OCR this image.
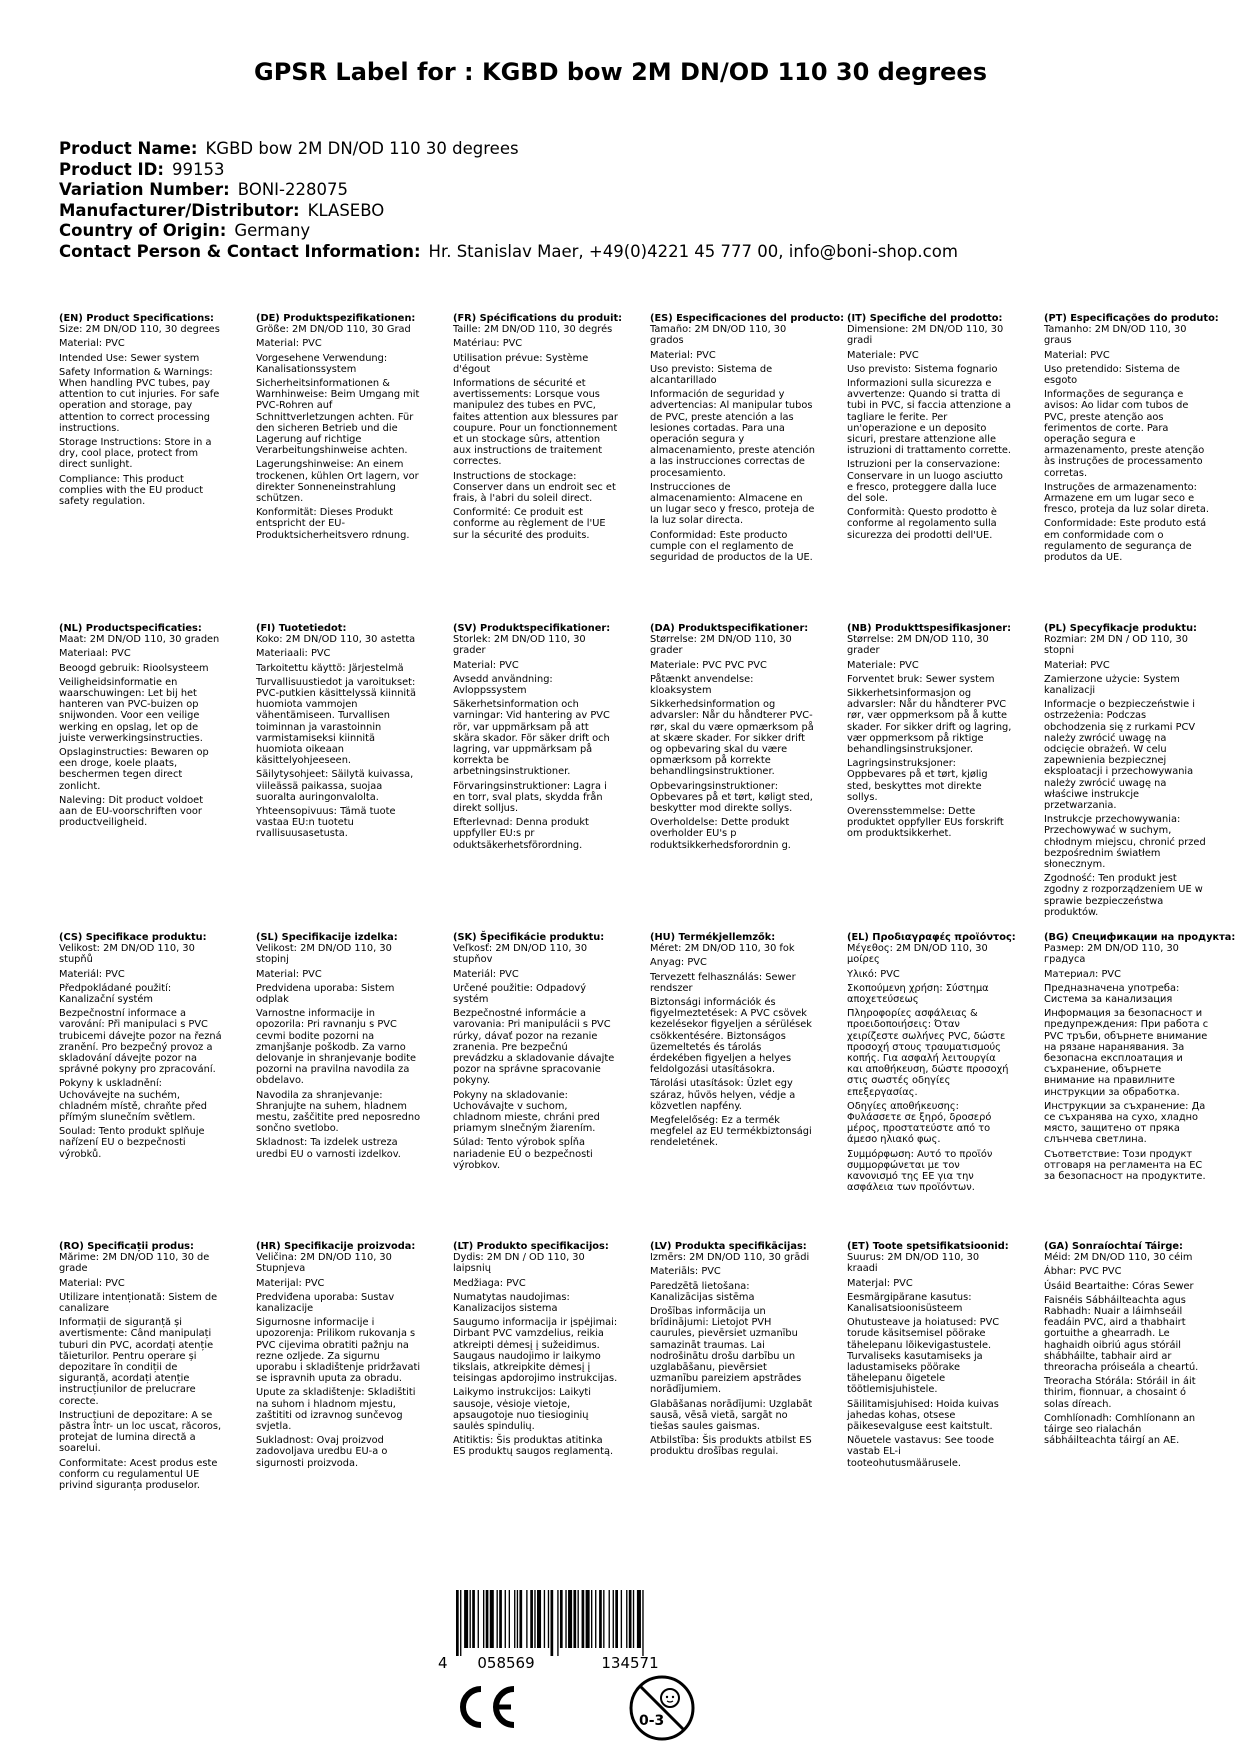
GPSR Label for : KGBD bow 2M DN/OD 110 30 degrees
Product Name: KGBD bow 2M DN/OD 110 30 degrees
Product ID: 99153
Variation Number: BONI-228075
Manufacturer/Distributor: KLASEBO
Country of Origin: Germany
Contact Person & Contact Information: Hr. Stanislav Maer, +49(0)4221 45 777 00, info@boni-shop.com
(EN) Product Specifications:
Size: 2M DN/OD 110, 30 degrees
Material: PVC
Intended Use: Sewer system
Safety Information & Warnings: When handling PVC tubes, pay attention to cut injuries. For safe operation and storage, pay attention to correct processing instructions.
Storage Instructions: Store in a dry, cool place, protect from direct sunlight.
Compliance: This product complies with the EU product safety regulation.
(DE) Produktspezifikationen:
Größe: 2M DN/OD 110, 30 Grad
Material: PVC
Vorgesehene Verwendung: Kanalisationssystem
Sicherheitsinformationen & Warnhinweise: Beim Umgang mit PVC-Rohren auf Schnittverletzungen achten. Für den sicheren Betrieb und die Lagerung auf richtige Verarbeitungshinweise achten.
Lagerungshinweise: An einem trockenen, kühlen Ort lagern, vor direkter Sonneneinstrahlung schützen.
Konformität: Dieses Produkt entspricht der EU-Produktsicherheitsvero rdnung.
(FR) Spécifications du produit:
Taille: 2M DN/OD 110, 30 degrés
Matériau: PVC
Utilisation prévue: Système d'égout
Informations de sécurité et avertissements: Lorsque vous manipulez des tubes en PVC, faites attention aux blessures par coupure. Pour un fonctionnement et un stockage sûrs, attention aux instructions de traitement correctes.
Instructions de stockage: Conserver dans un endroit sec et frais, à l'abri du soleil direct.
Conformité: Ce produit est conforme au règlement de l'UE sur la sécurité des produits.
(ES) Especificaciones del producto:
Tamaño: 2M DN/OD 110, 30 grados
Material: PVC
Uso previsto: Sistema de alcantarillado
Información de seguridad y advertencias: Al manipular tubos de PVC, preste atención a las lesiones cortadas. Para una operación segura y almacenamiento, preste atención a las instrucciones correctas de procesamiento.
Instrucciones de almacenamiento: Almacene en un lugar seco y fresco, proteja de la luz solar directa.
Conformidad: Este producto cumple con el reglamento de seguridad de productos de la UE.
(IT) Specifiche del prodotto:
Dimensione: 2M DN/OD 110, 30 gradi
Materiale: PVC
Uso previsto: Sistema fognario
Informazioni sulla sicurezza e avvertenze: Quando si tratta di tubi in PVC, si faccia attenzione a tagliare le ferite. Per un'operazione e un deposito sicuri, prestare attenzione alle istruzioni di trattamento corrette.
Istruzioni per la conservazione: Conservare in un luogo asciutto e fresco, proteggere dalla luce del sole.
Conformità: Questo prodotto è conforme al regolamento sulla sicurezza dei prodotti dell'UE.
(PT) Especificações do produto:
Tamanho: 2M DN/OD 110, 30 graus
Material: PVC
Uso pretendido: Sistema de esgoto
Informações de segurança e avisos: Ao lidar com tubos de PVC, preste atenção aos ferimentos de corte. Para operação segura e armazenamento, preste atenção às instruções de processamento corretas.
Instruções de armazenamento: Armazene em um lugar seco e fresco, proteja da luz solar direta.
Conformidade: Este produto está em conformidade com o regulamento de segurança de produtos da UE.
(NL) Productspecificaties:
Maat: 2M DN/OD 110, 30 graden
Materiaal: PVC
Beoogd gebruik: Rioolsysteem
Veiligheidsinformatie en waarschuwingen: Let bij het hanteren van PVC-buizen op snijwonden. Voor een veilige werking en opslag, let op de juiste verwerkingsinstructies.
Opslaginstructies: Bewaren op een droge, koele plaats, beschermen tegen direct zonlicht.
Naleving: Dit product voldoet aan de EU-voorschriften voor productveiligheid.
(FI) Tuotetiedot:
Koko: 2M DN/OD 110, 30 astetta
Materiaali: PVC
Tarkoitettu käyttö: Järjestelmä
Turvallisuustiedot ja varoitukset: PVC-putkien käsittelyssä kiinnitä huomiota vammojen vähentämiseen. Turvallisen toiminnan ja varastoinnin varmistamiseksi kiinnitä huomiota oikeaan käsittelyohjeeseen.
Säilytysohjeet: Säilytä kuivassa, viileässä paikassa, suojaa suoralta auringonvalolta.
Yhteensopivuus: Tämä tuote vastaa EU:n tuotetu rvallisuusasetusta.
(SV) Produktspecifikationer:
Storlek: 2M DN/OD 110, 30 grader
Material: PVC
Avsedd användning: Avloppssystem
Säkerhetsinformation och varningar: Vid hantering av PVC rör, var uppmärksam på att skära skador. För säker drift och lagring, var uppmärksam på korrekta be arbetningsinstruktioner.
Förvaringsinstruktioner: Lagra i en torr, sval plats, skydda från direkt solljus.
Efterlevnad: Denna produkt uppfyller EU:s pr oduktsäkerhetsförordning.
(DA) Produktspecifikationer:
Størrelse: 2M DN/OD 110, 30 grader
Materiale: PVC PVC PVC
Påtænkt anvendelse: kloaksystem
Sikkerhedsinformation og advarsler: Når du håndterer PVC-rør, skal du være opmærksom på at skære skader. For sikker drift og opbevaring skal du være opmærksom på korrekte behandlingsinstruktioner.
Opbevaringsinstruktioner: Opbevares på et tørt, køligt sted, beskytter mod direkte sollys.
Overholdelse: Dette produkt overholder EU's p roduktsikkerhedsforordnin g.
(NB) Produkttspesifikasjoner:
Størrelse: 2M DN/OD 110, 30 grader
Materiale: PVC
Forventet bruk: Sewer system
Sikkerhetsinformasjon og advarsler: Når du håndterer PVC rør, vær oppmerksom på å kutte skader. For sikker drift og lagring, vær oppmerksom på riktige behandlingsinstruksjoner.
Lagringsinstruksjoner: Oppbevares på et tørt, kjølig sted, beskyttes mot direkte sollys.
Overensstemmelse: Dette produktet oppfyller EUs forskrift om produktsikkerhet.
(PL) Specyfikacje produktu:
Rozmiar: 2M DN / OD 110, 30 stopni
Materiał: PVC
Zamierzone użycie: System kanalizacji
Informacje o bezpieczeństwie i ostrzeżenia: Podczas obchodzenia się z rurkami PCV należy zwrócić uwagę na odcięcie obrażeń. W celu zapewnienia bezpiecznej eksploatacji i przechowywania należy zwrócić uwagę na właściwe instrukcje przetwarzania.
Instrukcje przechowywania: Przechowywać w suchym, chłodnym miejscu, chronić przed bezpośrednim światłem słonecznym.
Zgodność: Ten produkt jest zgodny z rozporządzeniem UE w sprawie bezpieczeństwa produktów.
(CS) Specifikace produktu:
Velikost: 2M DN/OD 110, 30 stupňů
Materiál: PVC
Předpokládané použití: Kanalizační systém
Bezpečnostní informace a varování: Při manipulaci s PVC trubicemi dávejte pozor na řezná zranění. Pro bezpečný provoz a skladování dávejte pozor na správné pokyny pro zpracování.
Pokyny k uskladnění: Uchovávejte na suchém, chladném místě, chraňte před přímým slunečním světlem.
Soulad: Tento produkt splňuje nařízení EU o bezpečnosti výrobků.
(SL) Specifikacije izdelka:
Velikost: 2M DN/OD 110, 30 stopinj
Material: PVC
Predvidena uporaba: Sistem odplak
Varnostne informacije in opozorila: Pri ravnanju s PVC cevmi bodite pozorni na zmanjšanje poškodb. Za varno delovanje in shranjevanje bodite pozorni na pravilna navodila za obdelavo.
Navodila za shranjevanje: Shranjujte na suhem, hladnem mestu, zaščitite pred neposredno sončno svetlobo.
Skladnost: Ta izdelek ustreza uredbi EU o varnosti izdelkov.
(SK) Špecifikácie produktu:
Veľkosť: 2M DN/OD 110, 30 stupňov
Materiál: PVC
Určené použitie: Odpadový systém
Bezpečnostné informácie a varovania: Pri manipulácii s PVC rúrky, dávať pozor na rezanie zranenia. Pre bezpečnú prevádzku a skladovanie dávajte pozor na správne spracovanie pokyny.
Pokyny na skladovanie: Uchovávajte v suchom, chladnom mieste, chráni pred priamym slnečným žiarením.
Súlad: Tento výrobok spĺňa nariadenie EÚ o bezpečnosti výrobkov.
(HU) Termékjellemzők:
Méret: 2M DN/OD 110, 30 fok
Anyag: PVC
Tervezett felhasználás: Sewer rendszer
Biztonsági információk és figyelmeztetések: A PVC csövek kezelésekor figyeljen a sérülések csökkentésére. Biztonságos üzemeltetés és tárolás érdekében figyeljen a helyes feldolgozási utasításokra.
Tárolási utasítások: Üzlet egy száraz, hűvös helyen, védje a közvetlen napfény.
Megfelelőség: Ez a termék megfelel az EU termékbiztonsági rendeletének.
(EL) Προδιαγραφές προϊόντος:
Μέγεθος: 2M DN/OD 110, 30 μοίρες
Υλικό: PVC
Σκοπούμενη χρήση: Σύστημα αποχετεύσεως
Πληροφορίες ασφάλειας & προειδοποιήσεις: Όταν χειρίζεστε σωλήνες PVC, δώστε προσοχή στους τραυματισμούς κοπής. Για ασφαλή λειτουργία και αποθήκευση, δώστε προσοχή στις σωστές οδηγίες επεξεργασίας.
Οδηγίες αποθήκευσης: Φυλάσσετε σε ξηρό, δροσερό μέρος, προστατεύστε από το άμεσο ηλιακό φως.
Συμμόρφωση: Αυτό το προϊόν συμμορφώνεται με τον κανονισμό της ΕΕ για την ασφάλεια των προϊόντων.
(BG) Спецификации на продукта:
Размер: 2M DN/OD 110, 30 градуса
Материал: PVC
Предназначена употреба: Система за канализация
Информация за безопасност и предупреждения: При работа с PVC тръби, обърнете внимание на рязане наранявания. За безопасна експлоатация и съхранение, обърнете внимание на правилните инструкции за обработка.
Инструкции за съхранение: Да се съхранява на сухо, хладно място, защитено от пряка слънчева светлина.
Съответствие: Този продукт отговаря на регламента на ЕС за безопасност на продуктите.
(RO) Specificații produs:
Mărime: 2M DN/OD 110, 30 de grade
Material: PVC
Utilizare intenționată: Sistem de canalizare
Informații de siguranță și avertismente: Când manipulați tuburi din PVC, acordați atenție tăieturilor. Pentru operare și depozitare în condiții de siguranță, acordați atenție instrucțiunilor de prelucrare corecte.
Instrucțiuni de depozitare: A se păstra într- un loc uscat, răcoros, protejat de lumina directă a soarelui.
Conformitate: Acest produs este conform cu regulamentul UE privind siguranța produselor.
(HR) Specifikacije proizvoda:
Veličina: 2M DN/OD 110, 30 Stupnjeva
Materijal: PVC
Predviđena uporaba: Sustav kanalizacije
Sigurnosne informacije i upozorenja: Prilikom rukovanja s PVC cijevima obratiti pažnju na rezne ozljede. Za sigurnu uporabu i skladištenje pridržavati se ispravnih uputa za obradu.
Upute za skladištenje: Skladištiti na suhom i hladnom mjestu, zaštititi od izravnog sunčevog svjetla.
Sukladnost: Ovaj proizvod zadovoljava uredbu EU-a o sigurnosti proizvoda.
(LT) Produkto specifikacijos:
Dydis: 2M DN / OD 110, 30 laipsnių
Medžiaga: PVC
Numatytas naudojimas: Kanalizacijos sistema
Saugumo informacija ir įspėjimai: Dirbant PVC vamzdelius, reikia atkreipti dėmesį į sužeidimus. Saugaus naudojimo ir laikymo tikslais, atkreipkite dėmesį į teisingas apdorojimo instrukcijas.
Laikymo instrukcijos: Laikyti sausoje, vėsioje vietoje, apsaugotoje nuo tiesioginių saulės spindulių.
Atitiktis: Šis produktas atitinka ES produktų saugos reglamentą.
(LV) Produkta specifikācijas:
Izmērs: 2M DN/OD 110, 30 grādi
Materiāls: PVC
Paredzētā lietošana: Kanalizācijas sistēma
Drošības informācija un brīdinājumi: Lietojot PVH caurules, pievērsiet uzmanību samazināt traumas. Lai nodrošinātu drošu darbību un uzglabāšanu, pievērsiet uzmanību pareiziem apstrādes norādījumiem.
Glabāšanas norādījumi: Uzglabāt sausā, vēsā vietā, sargāt no tiešas saules gaismas.
Atbilstība: Šis produkts atbilst ES produktu drošības regulai.
(ET) Toote spetsifikatsioonid:
Suurus: 2M DN/OD 110, 30 kraadi
Materjal: PVC
Eesmärgipärane kasutus: Kanalisatsioonisüsteem
Ohutusteave ja hoiatused: PVC torude käsitsemisel pöörake tähelepanu lõikevigastustele. Turvaliseks kasutamiseks ja ladustamiseks pöörake tähelepanu õigetele töötlemisjuhistele.
Säilitamisjuhised: Hoida kuivas jahedas kohas, otsese päikesevalguse eest kaitstult.
Nõuetele vastavus: See toode vastab EL-i tooteohutusmäärusele.
(GA) Sonraíochtaí Táirge:
Méid: 2M DN/OD 110, 30 céim
Ábhar: PVC PVC
Úsáid Beartaithe: Córas Sewer
Faisnéis Sábháilteachta agus Rabhadh: Nuair a láimhseáil feadáin PVC, aird a thabhairt gortuithe a ghearradh. Le haghaidh oibriú agus stóráil shábháilte, tabhair aird ar threoracha próiseála a cheartú.
Treoracha Stórála: Stóráil in áit thirim, fionnuar, a chosaint ó solas díreach.
Comhlíonadh: Comhlíonann an táirge seo rialachán sábháilteachta táirgí an AE.
4 058569	134571
0-3
